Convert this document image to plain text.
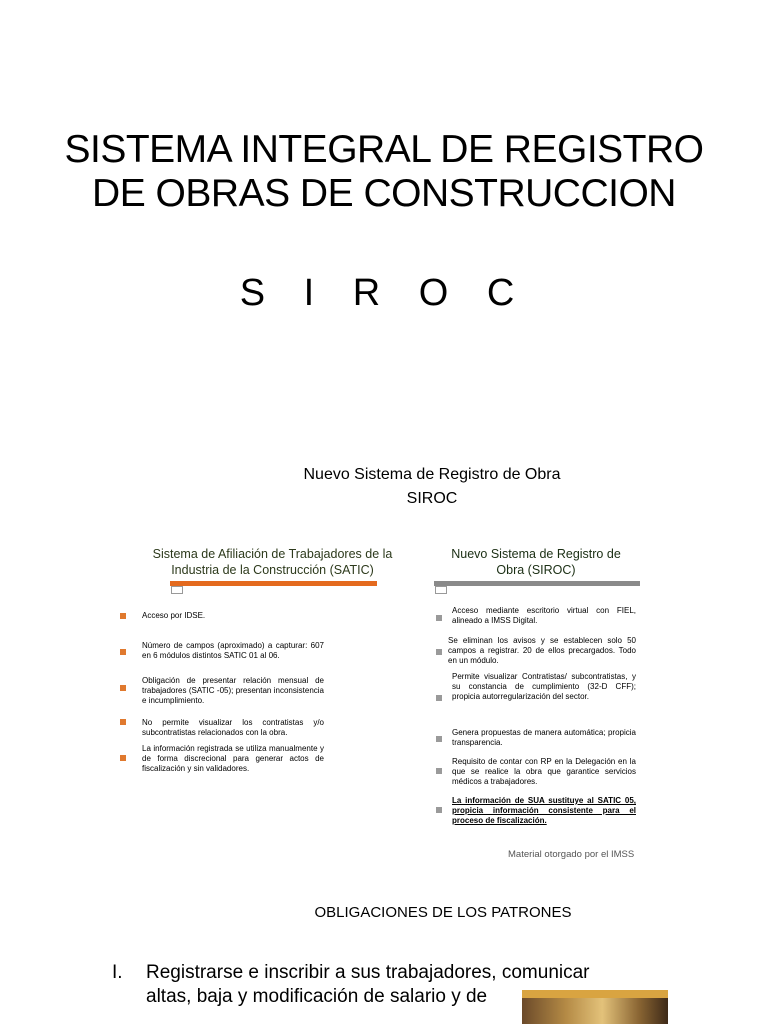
SISTEMA INTEGRAL DE REGISTRO
DE OBRAS DE CONSTRUCCION
S I R O C
Nuevo Sistema de Registro de Obra
SIROC
Sistema de Afiliación de Trabajadores de la
Industria de la Construcción (SATIC)
Nuevo Sistema de Registro de
Obra (SIROC)
Acceso por IDSE.
Número de campos (aproximado) a capturar: 607 en 6 módulos distintos SATIC 01 al 06.
Obligación de presentar relación mensual de trabajadores (SATIC -05); presentan inconsistencia e incumplimiento.
No permite visualizar los contratistas y/o subcontratistas relacionados con la obra.
La información registrada se utiliza manualmente y de forma discrecional para generar actos de fiscalización y sin validadores.
Acceso mediante escritorio virtual con FIEL, alineado a IMSS Digital.
Se eliminan los avisos y se establecen solo 50 campos a registrar. 20 de ellos precargados. Todo en un módulo.
Permite visualizar Contratistas/ subcontratistas, y su constancia de cumplimiento (32-D CFF); propicia autorregularización del sector.
Genera propuestas de manera automática; propicia transparencia.
Requisito de contar con RP en la Delegación en la que se realice la obra que garantice servicios médicos a trabajadores.
La información de SUA sustituye al SATIC 05, propicia información consistente para el proceso de fiscalización.
Material otorgado por el IMSS
OBLIGACIONES DE LOS PATRONES
I. Registrarse e inscribir a sus trabajadores, comunicar
altas, baja y modificación de salario y de
